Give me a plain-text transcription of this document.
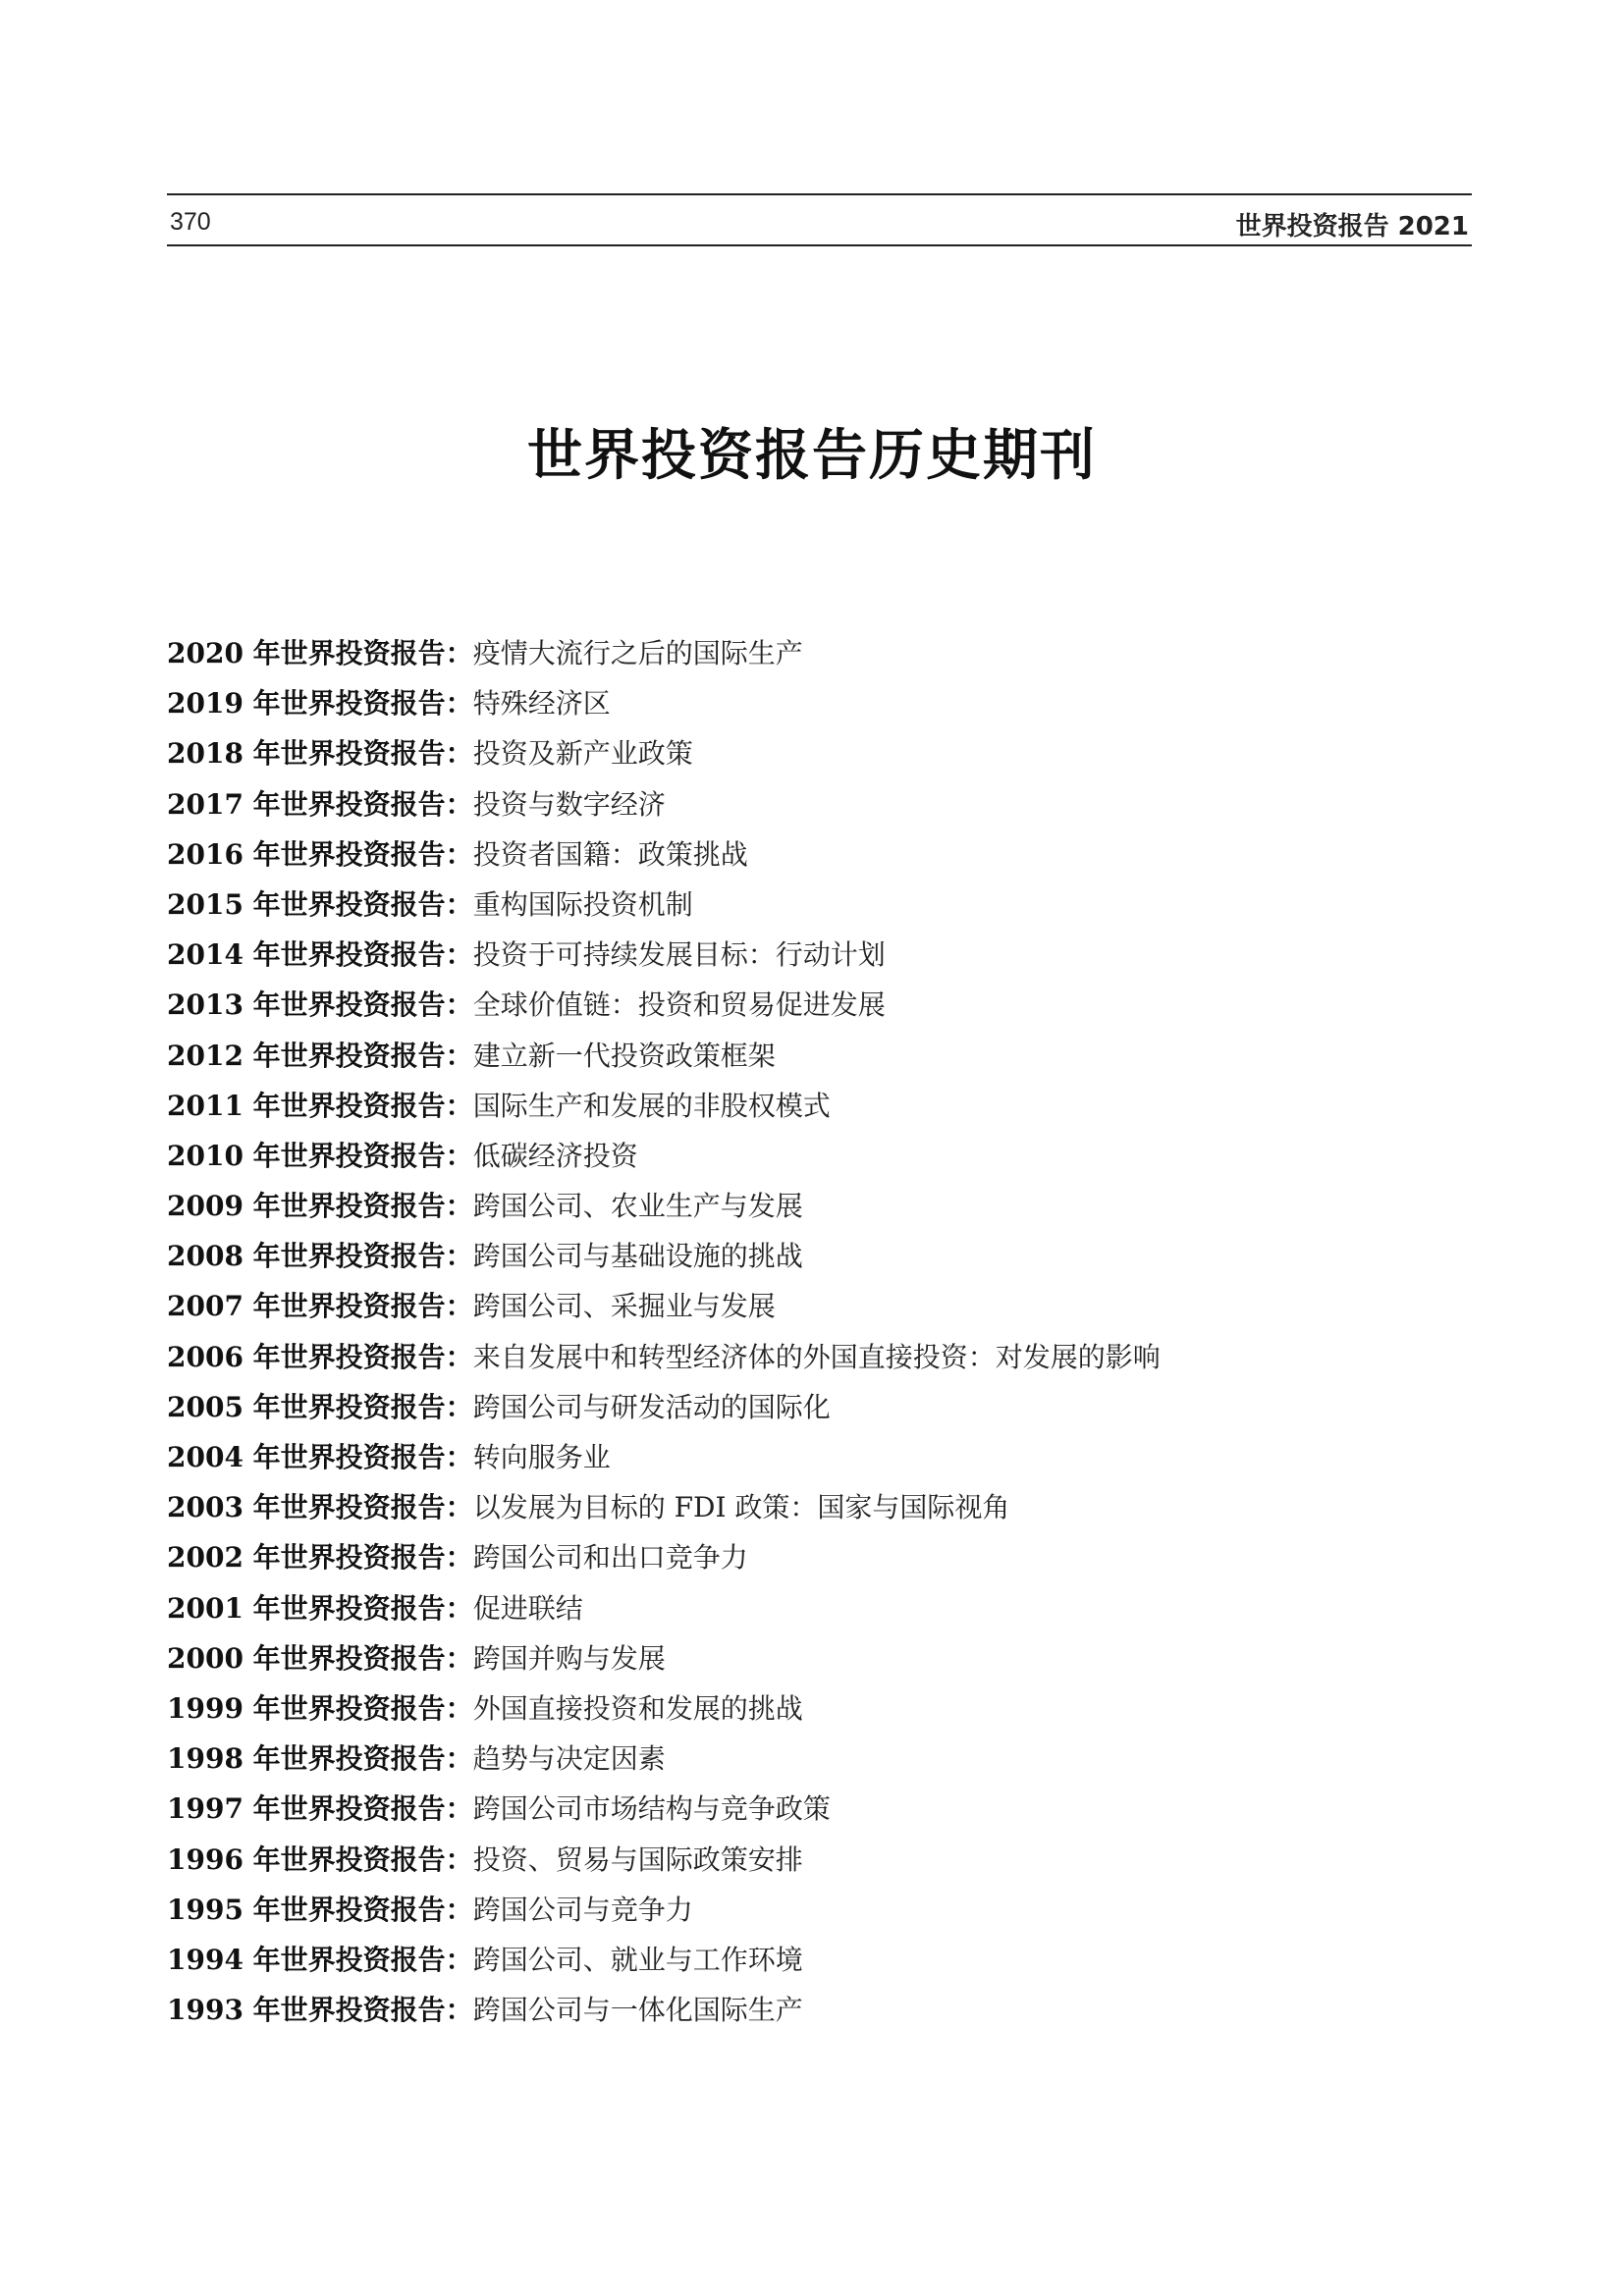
370	世界投资报告 2021
世界投资报告历史期刊
2020 年世界投资报告：疫情大流行之后的国际生产
2019 年世界投资报告：特殊经济区
2018 年世界投资报告：投资及新产业政策
2017 年世界投资报告：投资与数字经济
2016 年世界投资报告：投资者国籍：政策挑战
2015 年世界投资报告：重构国际投资机制
2014 年世界投资报告：投资于可持续发展目标：行动计划
2013 年世界投资报告：全球价值链：投资和贸易促进发展
2012 年世界投资报告：建立新一代投资政策框架
2011 年世界投资报告：国际生产和发展的非股权模式
2010 年世界投资报告：低碳经济投资
2009 年世界投资报告：跨国公司、农业生产与发展
2008 年世界投资报告：跨国公司与基础设施的挑战
2007 年世界投资报告：跨国公司、采掘业与发展
2006 年世界投资报告：来自发展中和转型经济体的外国直接投资：对发展的影响
2005 年世界投资报告：跨国公司与研发活动的国际化
2004 年世界投资报告：转向服务业
2003 年世界投资报告：以发展为目标的 FDI 政策：国家与国际视角
2002 年世界投资报告：跨国公司和出口竞争力
2001 年世界投资报告：促进联结
2000 年世界投资报告：跨国并购与发展
1999 年世界投资报告：外国直接投资和发展的挑战
1998 年世界投资报告：趋势与决定因素
1997 年世界投资报告：跨国公司市场结构与竞争政策
1996 年世界投资报告：投资、贸易与国际政策安排
1995 年世界投资报告：跨国公司与竞争力
1994 年世界投资报告：跨国公司、就业与工作环境
1993 年世界投资报告：跨国公司与一体化国际生产
